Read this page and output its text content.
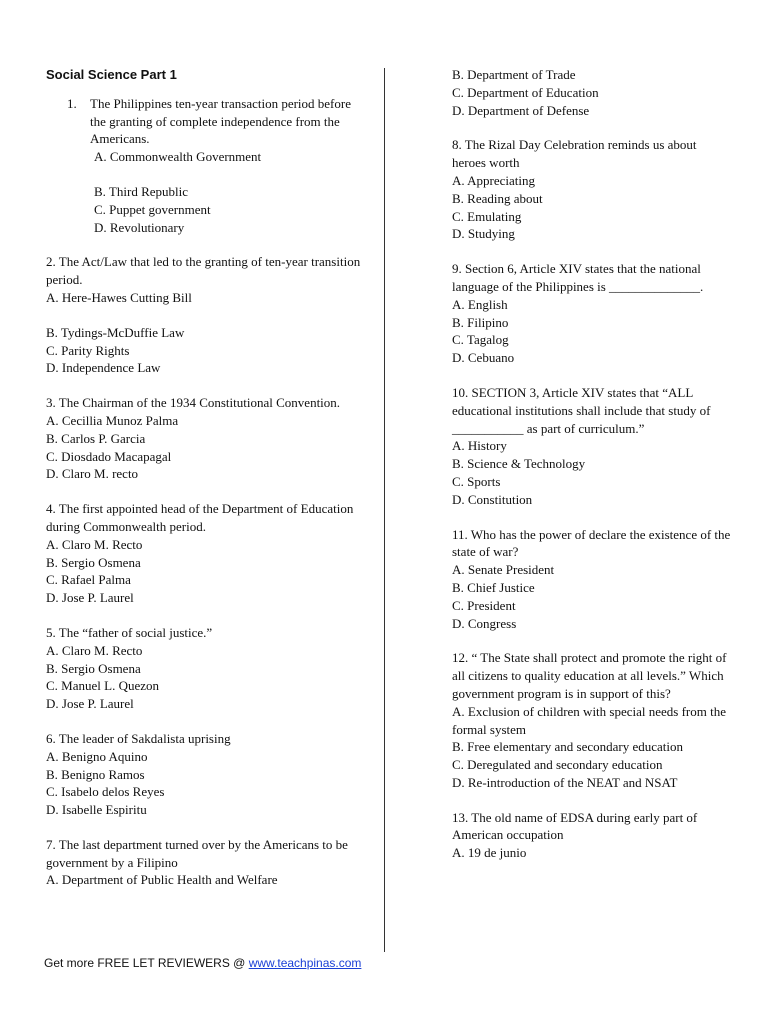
Social Science Part 1
1. The Philippines ten-year transaction period before the granting of complete independence from the Americans.
A. Commonwealth Government
B. Third Republic
C. Puppet government
D. Revolutionary
2. The Act/Law that led to the granting of ten-year transition period.
A. Here-Hawes Cutting Bill
B. Tydings-McDuffie Law
C. Parity Rights
D. Independence Law
3. The Chairman of the 1934 Constitutional Convention.
A. Cecillia Munoz Palma
B. Carlos P. Garcia
C. Diosdado Macapagal
D. Claro M. recto
4. The first appointed head of the Department of Education during Commonwealth period.
A. Claro M. Recto
B. Sergio Osmena
C. Rafael Palma
D. Jose P. Laurel
5. The “father of social justice.”
A. Claro M. Recto
B. Sergio Osmena
C. Manuel L. Quezon
D. Jose P. Laurel
6. The leader of Sakdalista uprising
A. Benigno Aquino
B. Benigno Ramos
C. Isabelo delos Reyes
D. Isabelle Espiritu
7. The last department turned over by the Americans to be government by a Filipino
A. Department of Public Health and Welfare
B. Department of Trade
C. Department of Education
D. Department of Defense
8. The Rizal Day Celebration reminds us about heroes worth
A. Appreciating
B. Reading about
C. Emulating
D. Studying
9. Section 6, Article XIV states that the national language of the Philippines is ______________.
A. English
B. Filipino
C. Tagalog
D. Cebuano
10. SECTION 3, Article XIV states that “ALL educational institutions shall include that study of ___________ as part of curriculum.”
A. History
B. Science & Technology
C. Sports
D. Constitution
11. Who has the power of declare the existence of the state of war?
A. Senate President
B. Chief Justice
C. President
D. Congress
12. “ The State shall protect and promote the right of all citizens to quality education at all levels.” Which government program is in support of this?
A. Exclusion of children with special needs from the formal system
B. Free elementary and secondary education
C. Deregulated and secondary education
D. Re-introduction of the NEAT and NSAT
13. The old name of EDSA during early part of American occupation
A. 19 de junio
Get more FREE LET REVIEWERS @ www.teachpinas.com
